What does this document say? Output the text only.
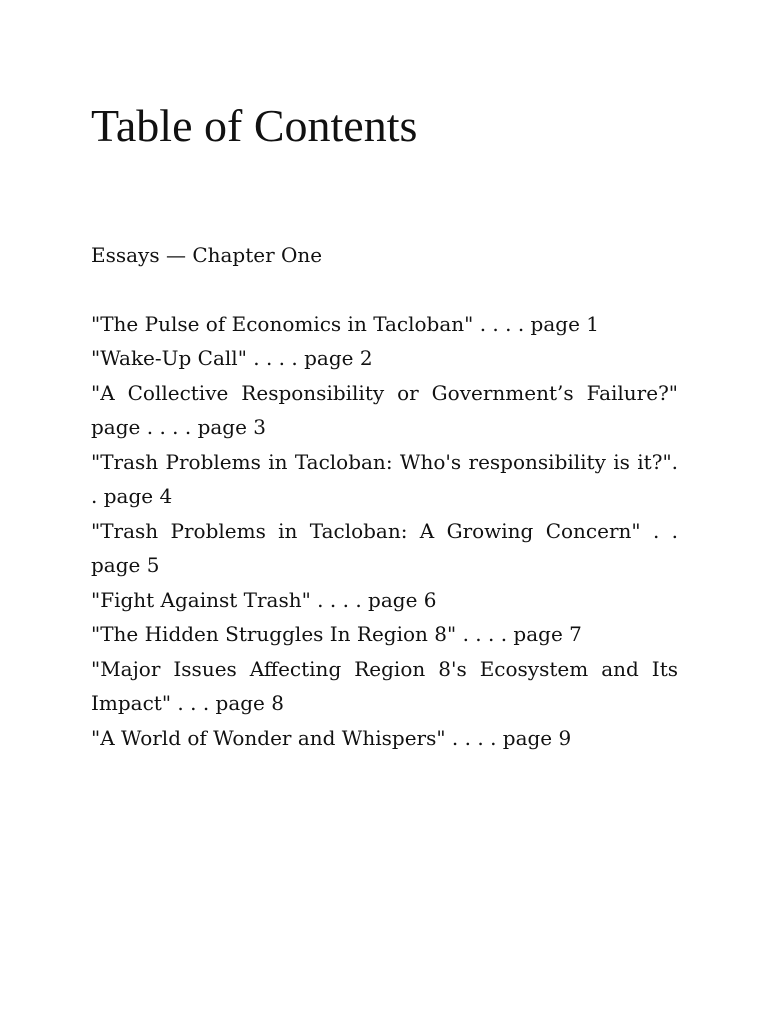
Table of Contents
Essays — Chapter One
"The Pulse of Economics in Tacloban" . . . . page 1
"Wake-Up Call" . . . . page 2
"A Collective Responsibility or Government’s Failure?" page . . . . page 3
"Trash Problems in Tacloban: Who's responsibility is it?". . page 4
"Trash Problems in Tacloban: A Growing Concern" . . page 5
"Fight Against Trash" . . . . page 6
"The Hidden Struggles In Region 8" . . . . page 7
"Major Issues Affecting Region 8's Ecosystem and Its Impact" . . . page 8
"A World of Wonder and Whispers" . . . . page 9
